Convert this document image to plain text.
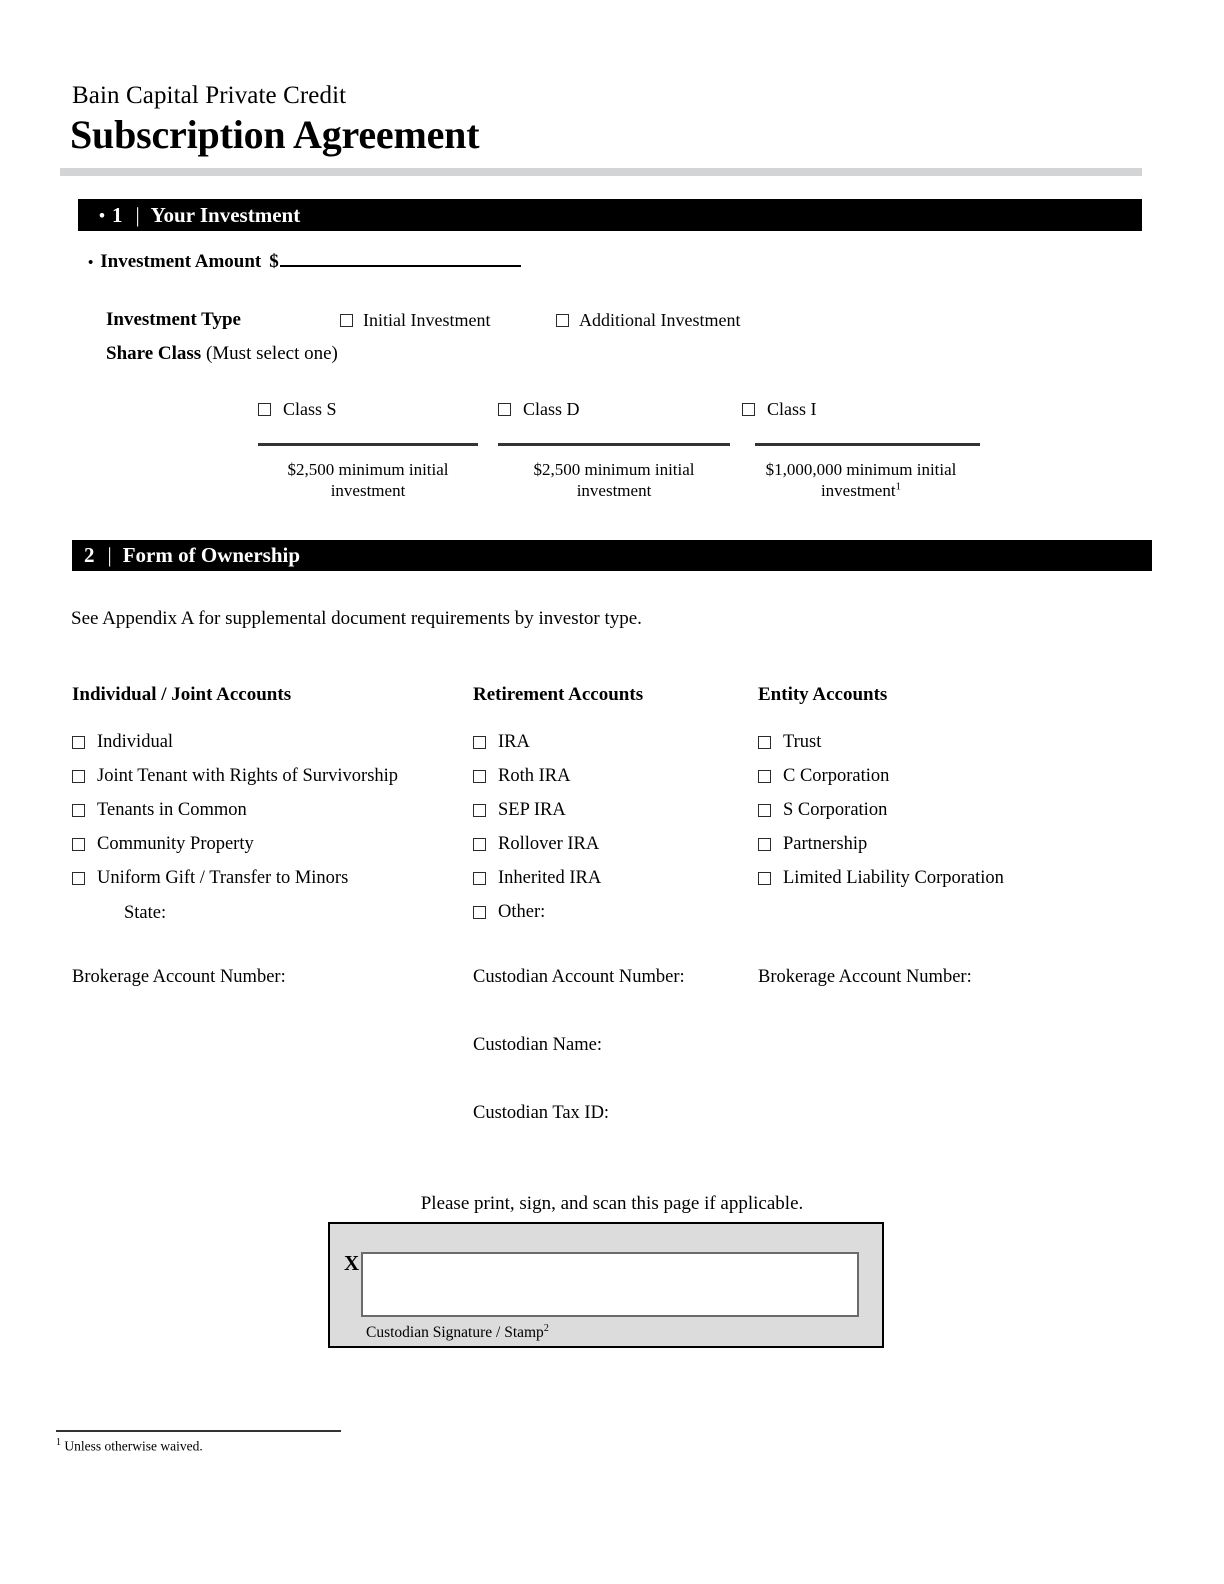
Bain Capital Private Credit
Subscription Agreement
• 1 | Your Investment
• Investment Amount $
Investment Type	Initial Investment	Additional Investment
Share Class (Must select one)
Class S
$2,500 minimum initial investment
Class D
$2,500 minimum initial investment
Class I
$1,000,000 minimum initial investment$^1$
2 | Form of Ownership
See Appendix A for supplemental document requirements by investor type.
Individual / Joint Accounts
Individual
Joint Tenant with Rights of Survivorship
Tenants in Common
Community Property
Uniform Gift / Transfer to Minors
State:
Retirement Accounts
IRA
Roth IRA
SEP IRA
Rollover IRA
Inherited IRA
Other:
Entity Accounts
Trust
C Corporation
S Corporation
Partnership
Limited Liability Corporation
Brokerage Account Number:	Custodian Account Number:	Brokerage Account Number:
Custodian Name:
Custodian Tax ID:
Please print, sign, and scan this page if applicable.
X
Custodian Signature / Stamp$^2$
$^1$ Unless otherwise waived.
